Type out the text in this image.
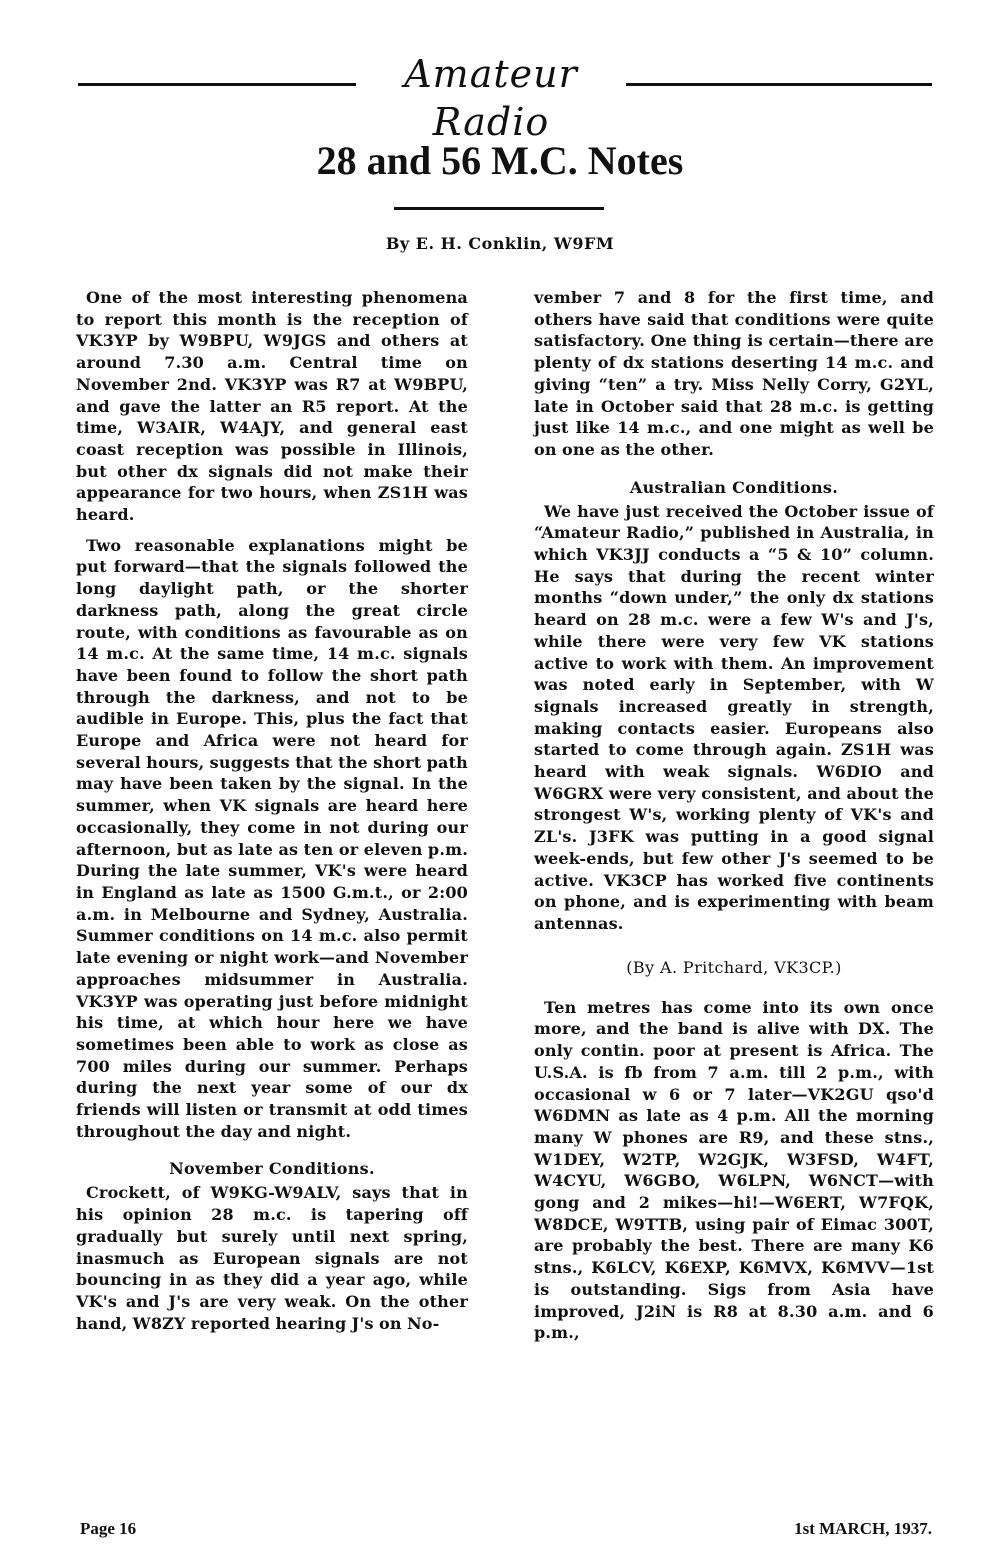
Amateur Radio
28 and 56 M.C. Notes
By E. H. Conklin, W9FM

One of the most interesting phenomena to report this month is the reception of VK3YP by W9BPU, W9JGS and others at around 7.30 a.m. Central time on November 2nd. VK3YP was R7 at W9BPU, and gave the latter an R5 report. At the time, W3AIR, W4AJY, and general east coast reception was possible in Illinois, but other dx signals did not make their appearance for two hours, when ZS1H was heard.

Two reasonable explanations might be put forward—that the signals followed the long daylight path, or the shorter darkness path, along the great circle route, with conditions as favourable as on 14 m.c. At the same time, 14 m.c. signals have been found to follow the short path through the darkness, and not to be audible in Europe. This, plus the fact that Europe and Africa were not heard for several hours, suggests that the short path may have been taken by the signal. In the summer, when VK signals are heard here occasionally, they come in not during our afternoon, but as late as ten or eleven p.m. During the late summer, VK's were heard in England as late as 1500 G.m.t., or 2:00 a.m. in Melbourne and Sydney, Australia. Summer conditions on 14 m.c. also permit late evening or night work—and November approaches midsummer in Australia. VK3YP was operating just before midnight his time, at which hour here we have sometimes been able to work as close as 700 miles during our summer. Perhaps during the next year some of our dx friends will listen or transmit at odd times throughout the day and night.

November Conditions.

Crockett, of W9KG-W9ALV, says that in his opinion 28 m.c. is tapering off gradually but surely until next spring, inasmuch as European signals are not bouncing in as they did a year ago, while VK's and J's are very weak. On the other hand, W8ZY reported hearing J's on No-

vember 7 and 8 for the first time, and others have said that conditions were quite satisfactory. One thing is certain—there are plenty of dx stations deserting 14 m.c. and giving “ten” a try. Miss Nelly Corry, G2YL, late in October said that 28 m.c. is getting just like 14 m.c., and one might as well be on one as the other.

Australian Conditions.

We have just received the October issue of “Amateur Radio,” published in Australia, in which VK3JJ conducts a “5 & 10” column. He says that during the recent winter months “down under,” the only dx stations heard on 28 m.c. were a few W's and J's, while there were very few VK stations active to work with them. An improvement was noted early in September, with W signals increased greatly in strength, making contacts easier. Europeans also started to come through again. ZS1H was heard with weak signals. W6DIO and W6GRX were very consistent, and about the strongest W's, working plenty of VK's and ZL's. J3FK was putting in a good signal week-ends, but few other J's seemed to be active. VK3CP has worked five continents on phone, and is experimenting with beam antennas.

(By A. Pritchard, VK3CP.)

Ten metres has come into its own once more, and the band is alive with DX. The only contin. poor at present is Africa. The U.S.A. is fb from 7 a.m. till 2 p.m., with occasional w 6 or 7 later—VK2GU qso'd W6DMN as late as 4 p.m. All the morning many W phones are R9, and these stns., W1DEY, W2TP, W2GJK, W3FSD, W4FT, W4CYU, W6GBO, W6LPN, W6NCT—with gong and 2 mikes—hi!—W6ERT, W7FQK, W8DCE, W9TTB, using pair of Eimac 300T, are probably the best. There are many K6 stns., K6LCV, K6EXP, K6MVX, K6MVV—1st is outstanding. Sigs from Asia have improved, J2iN is R8 at 8.30 a.m. and 6 p.m.,

Page 16	1st MARCH, 1937.
